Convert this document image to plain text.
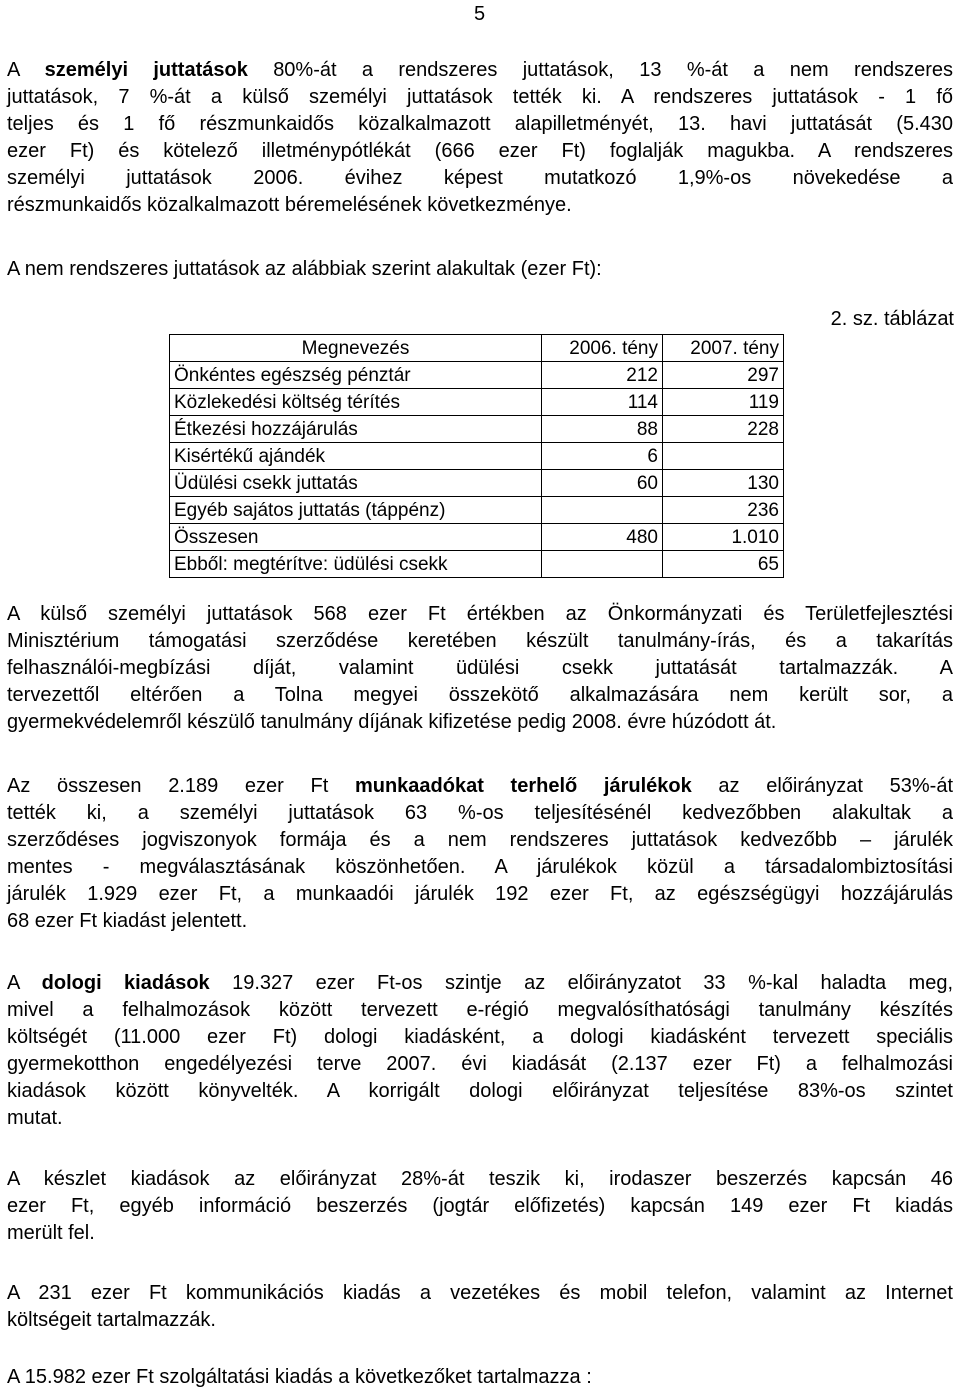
5
A személyi juttatások 80%-át a rendszeres juttatások, 13 %-át a nem rendszeres
juttatások, 7 %-át a külső személyi juttatások tették ki. A rendszeres juttatások - 1 fő
teljes és 1 fő részmunkaidős közalkalmazott alapilletményét, 13. havi juttatását (5.430
ezer Ft) és kötelező illetménypótlékát (666 ezer Ft) foglalják magukba. A rendszeres
személyi juttatások 2006. évihez képest mutatkozó 1,9%-os növekedése a
részmunkaidős közalkalmazott béremelésének következménye.
A nem rendszeres juttatások az alábbiak szerint alakultak (ezer Ft):
2. sz. táblázat
Megnevezés	2006. tény	2007. tény
Önkéntes egészség pénztár	212	297
Közlekedési költség térítés	114	119
Étkezési hozzájárulás	88	228
Kisértékű ajándék	6	
Üdülési csekk juttatás	60	130
Egyéb sajátos juttatás (táppénz)		236
Összesen	480	1.010
Ebből: megtérítve: üdülési csekk		65
A külső személyi juttatások 568 ezer Ft értékben az Önkormányzati és Területfejlesztési
Minisztérium támogatási szerződése keretében készült tanulmány-írás, és a takarítás
felhasználói-megbízási díját, valamint üdülési csekk juttatását tartalmazzák. A
tervezettől eltérően a Tolna megyei összekötő alkalmazására nem került sor, a
gyermekvédelemről készülő tanulmány díjának kifizetése pedig 2008. évre húzódott át.
Az összesen 2.189 ezer Ft munkaadókat terhelő járulékok az előirányzat 53%-át
tették ki, a személyi juttatások 63 %-os teljesítésénél kedvezőbben alakultak a
szerződéses jogviszonyok formája és a nem rendszeres juttatások kedvezőbb – járulék
mentes - megválasztásának köszönhetően. A járulékok közül a társadalombiztosítási
járulék 1.929 ezer Ft, a munkaadói járulék 192 ezer Ft, az egészségügyi hozzájárulás
68 ezer Ft kiadást jelentett.
A dologi kiadások 19.327 ezer Ft-os szintje az előirányzatot 33 %-kal haladta meg,
mivel a felhalmozások között tervezett e-régió megvalósíthatósági tanulmány készítés
költségét (11.000 ezer Ft) dologi kiadásként, a dologi kiadásként tervezett speciális
gyermekotthon engedélyezési terve 2007. évi kiadását (2.137 ezer Ft) a felhalmozási
kiadások között könyvelték. A korrigált dologi előirányzat teljesítése 83%-os szintet
mutat.
A készlet kiadások az előirányzat 28%-át teszik ki, irodaszer beszerzés kapcsán 46
ezer Ft, egyéb információ beszerzés (jogtár előfizetés) kapcsán 149 ezer Ft kiadás
merült fel.
A 231 ezer Ft kommunikációs kiadás a vezetékes és mobil telefon, valamint az Internet
költségeit tartalmazzák.
A 15.982 ezer Ft szolgáltatási kiadás a következőket tartalmazza :
